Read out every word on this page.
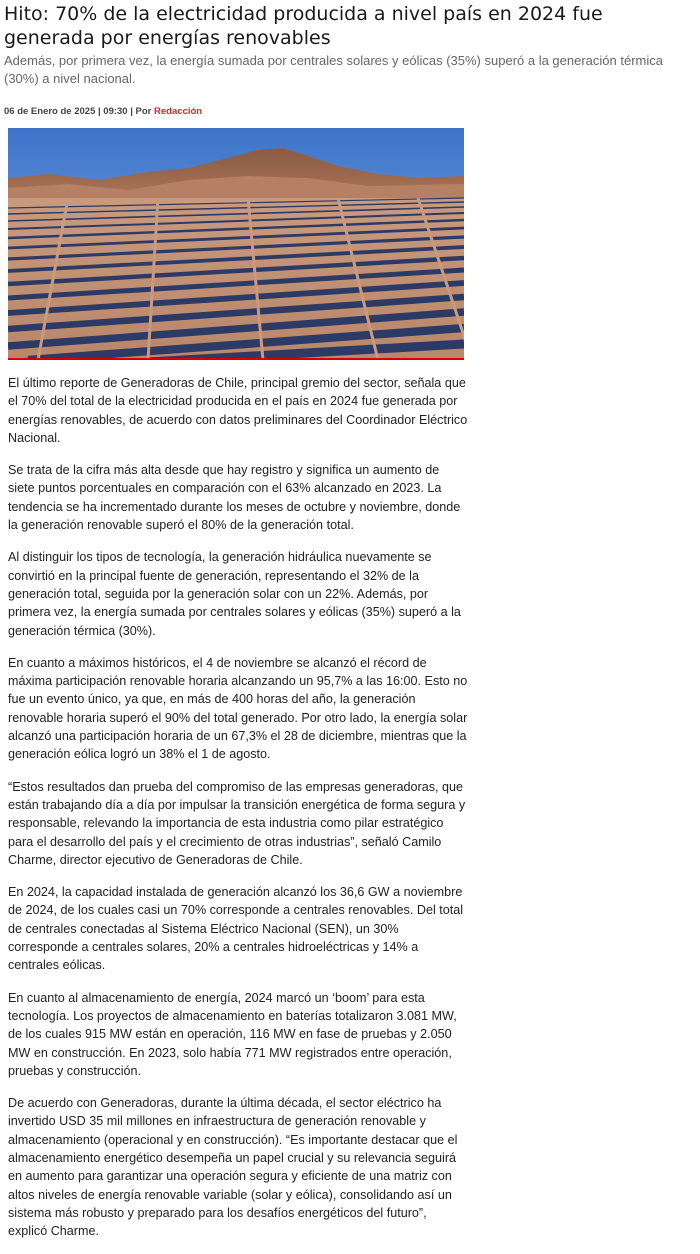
Hito: 70% de la electricidad producida a nivel país en 2024 fue generada por energías renovables

Además, por primera vez, la energía sumada por centrales solares y eólicas (35%) superó a la generación térmica (30%) a nivel nacional.

06 de Enero de 2025 | 09:30 | Por Redacción

El último reporte de Generadoras de Chile, principal gremio del sector, señala que el 70% del total de la electricidad producida en el país en 2024 fue generada por energías renovables, de acuerdo con datos preliminares del Coordinador Eléctrico Nacional.

Se trata de la cifra más alta desde que hay registro y significa un aumento de siete puntos porcentuales en comparación con el 63% alcanzado en 2023. La tendencia se ha incrementado durante los meses de octubre y noviembre, donde la generación renovable superó el 80% de la generación total.

Al distinguir los tipos de tecnología, la generación hidráulica nuevamente se convirtió en la principal fuente de generación, representando el 32% de la generación total, seguida por la generación solar con un 22%. Además, por primera vez, la energía sumada por centrales solares y eólicas (35%) superó a la generación térmica (30%).

En cuanto a máximos históricos, el 4 de noviembre se alcanzó el récord de máxima participación renovable horaria alcanzando un 95,7% a las 16:00. Esto no fue un evento único, ya que, en más de 400 horas del año, la generación renovable horaria superó el 90% del total generado. Por otro lado, la energía solar alcanzó una participación horaria de un 67,3% el 28 de diciembre, mientras que la generación eólica logró un 38% el 1 de agosto.

“Estos resultados dan prueba del compromiso de las empresas generadoras, que están trabajando día a día por impulsar la transición energética de forma segura y responsable, relevando la importancia de esta industria como pilar estratégico para el desarrollo del país y el crecimiento de otras industrias”, señaló Camilo Charme, director ejecutivo de Generadoras de Chile.

En 2024, la capacidad instalada de generación alcanzó los 36,6 GW a noviembre de 2024, de los cuales casi un 70% corresponde a centrales renovables. Del total de centrales conectadas al Sistema Eléctrico Nacional (SEN), un 30% corresponde a centrales solares, 20% a centrales hidroeléctricas y 14% a centrales eólicas.

En cuanto al almacenamiento de energía, 2024 marcó un ‘boom’ para esta tecnología. Los proyectos de almacenamiento en baterías totalizaron 3.081 MW, de los cuales 915 MW están en operación, 116 MW en fase de pruebas y 2.050 MW en construcción. En 2023, solo había 771 MW registrados entre operación, pruebas y construcción.

De acuerdo con Generadoras, durante la última década, el sector eléctrico ha invertido USD 35 mil millones en infraestructura de generación renovable y almacenamiento (operacional y en construcción). “Es importante destacar que el almacenamiento energético desempeña un papel crucial y su relevancia seguirá en aumento para garantizar una operación segura y eficiente de una matriz con altos niveles de energía renovable variable (solar y eólica), consolidando así un sistema más robusto y preparado para los desafíos energéticos del futuro”, explicó Charme.
